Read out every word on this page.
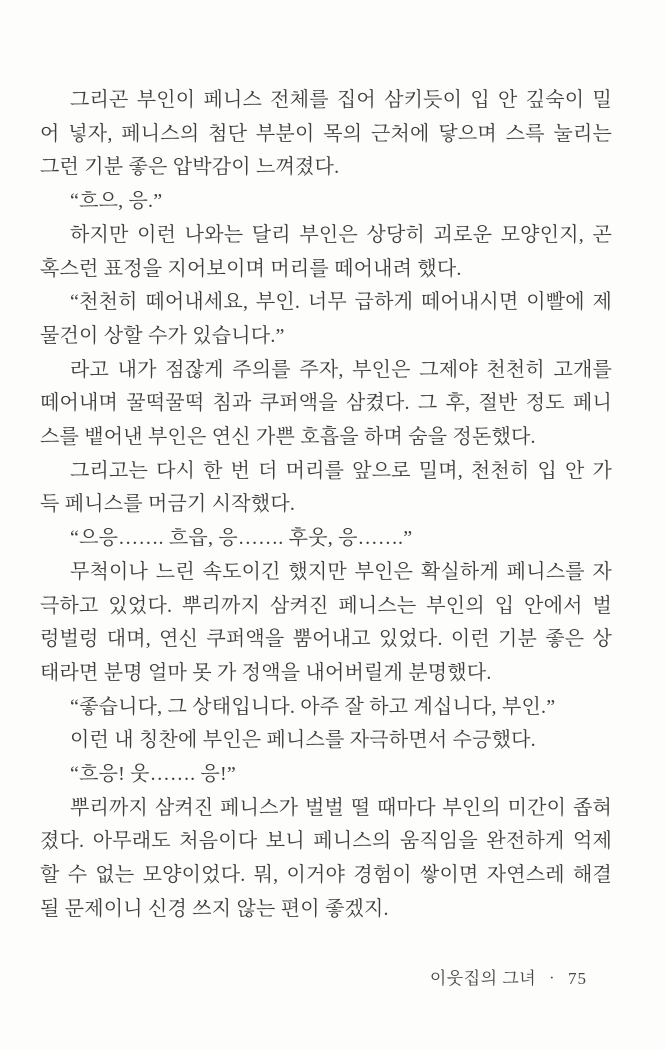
그리곤 부인이 페니스 전체를 집어 삼키듯이 입 안 깊숙이 밀
어 넣자, 페니스의 첨단 부분이 목의 근처에 닿으며 스륵 눌리는
그런 기분 좋은 압박감이 느껴졌다.
“흐으, 응.”
하지만 이런 나와는 달리 부인은 상당히 괴로운 모양인지, 곤
혹스런 표정을 지어보이며 머리를 떼어내려 했다.
“천천히 떼어내세요, 부인. 너무 급하게 떼어내시면 이빨에 제
물건이 상할 수가 있습니다.”
라고 내가 점잖게 주의를 주자, 부인은 그제야 천천히 고개를
떼어내며 꿀떡꿀떡 침과 쿠퍼액을 삼켰다. 그 후, 절반 정도 페니
스를 뱉어낸 부인은 연신 가쁜 호흡을 하며 숨을 정돈했다.
그리고는 다시 한 번 더 머리를 앞으로 밀며, 천천히 입 안 가
득 페니스를 머금기 시작했다.
“으응……. 흐읍, 응……. 후웃, 응…….”
무척이나 느린 속도이긴 했지만 부인은 확실하게 페니스를 자
극하고 있었다. 뿌리까지 삼켜진 페니스는 부인의 입 안에서 벌
렁벌렁 대며, 연신 쿠퍼액을 뿜어내고 있었다. 이런 기분 좋은 상
태라면 분명 얼마 못 가 정액을 내어버릴게 분명했다.
“좋습니다, 그 상태입니다. 아주 잘 하고 계십니다, 부인.”
이런 내 칭찬에 부인은 페니스를 자극하면서 수긍했다.
“흐응! 웃……. 응!”
뿌리까지 삼켜진 페니스가 벌벌 떨 때마다 부인의 미간이 좁혀
졌다. 아무래도 처음이다 보니 페니스의 움직임을 완전하게 억제
할 수 없는 모양이었다. 뭐, 이거야 경험이 쌓이면 자연스레 해결
될 문제이니 신경 쓰지 않는 편이 좋겠지.
이웃집의 그녀 · 75
